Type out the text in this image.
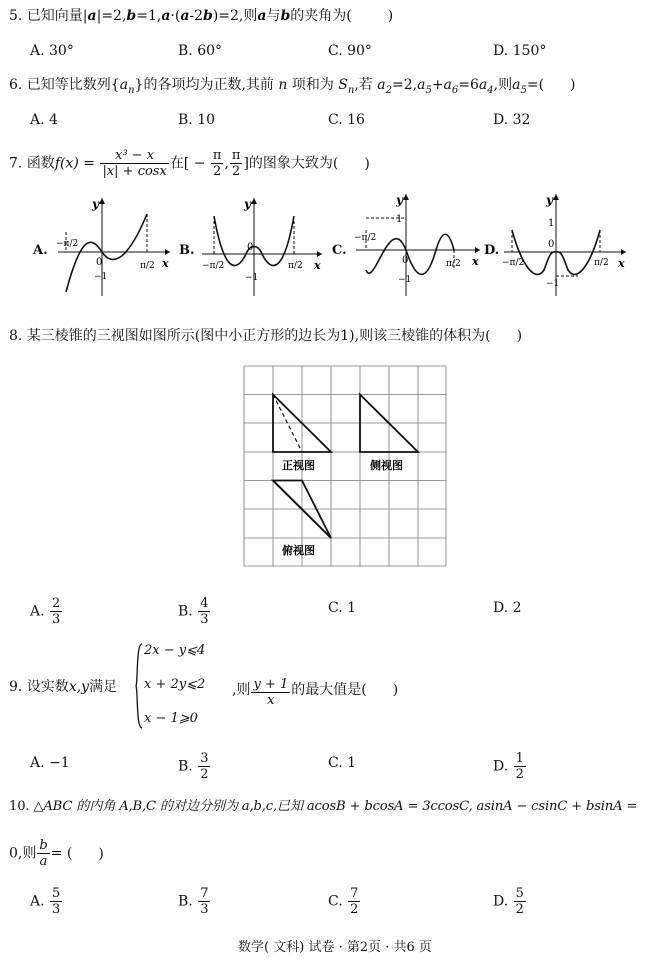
5. 已知向量|a|=2,b=1,a·(a-2b)=2,则a与b的夹角为(	)
A. 30°	B. 60°	C. 90°	D. 150°
6. 已知等比数列$\{a_n\}$的各项均为正数,其前 n 项和为 $S_n$,若 $a_2=2,a_5+a_6=6a_4$,则$a_5=$( )
A. 4	B. 10	C. 16	D. 32
7. 函数$f(x) = \frac{\text{x³ − x}}{|x| + \cos x}$ 在[ − $\frac{\pi}{2}$ , $\frac{\pi}{2}$ ]的图象大致为( )
A.
y
x
0
−1
−π/2
π/2
B.
y
x
0
−1
−π/2	π/2
C.
y
x
0
1
−1
−π/2
π/2
D.
y
x
0
1
−1
−π/2	π/2
8. 某三棱锥的三视图如图所示(图中小正方形的边长为1),则该三棱锥的体积为( )
正视图	侧视图
俯视图
A. $\frac{2}{3}$	B. $\frac{4}{3}$	C. 1	D. 2
9. 设实数x,y满足
2x − y⩽4
x + 2y⩽2
x − 1⩾0
,则 $\frac{y + 1}{x}$ 的最大值是( )
A. −1	B. $\frac{3}{2}$	C. 1	D. $\frac{1}{2}$
10. △ABC 的内角 A,B,C 的对边分别为 a,b,c,已知 acosB + bcosA = 3ccosC, asinA − csinC + bsinA =
0,则 $\frac{b}{a}$ = ( )
A. $\frac{5}{3}$	B. $\frac{7}{3}$	C. $\frac{7}{2}$	D. $\frac{5}{2}$
数学( 文科) 试卷 · 第2页 · 共6 页
